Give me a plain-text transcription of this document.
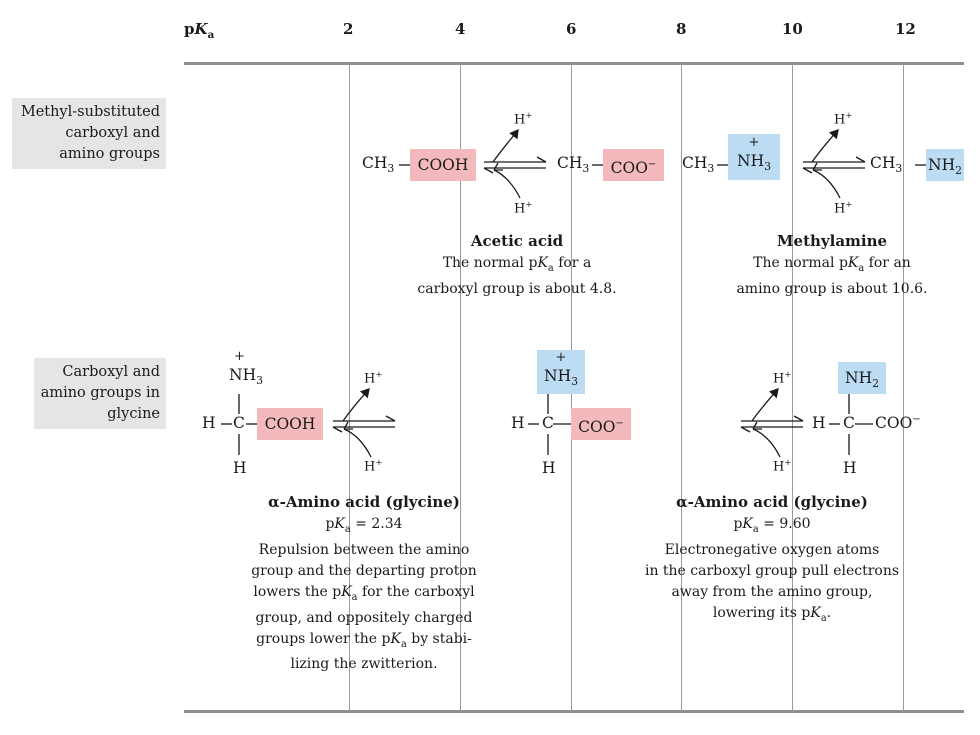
$pK_a$	2	4	6	8	10	12
Methyl-substituted carboxyl and amino groups
Carboxyl and amino groups in glycine
$CH_3$	COOH	$CH_3$	COO−
H+
H+
Acetic acid
The normal $pK_a$ for a
carboxyl group is about 4.8.
$CH_3$
+
$NH_3$	$CH_3$ $NH_2$
H+
H+
Methylamine
The normal $pK_a$ for an
amino group is about 10.6.
+
$NH_3$
H C	COOH
H
H+
H+
α-Amino acid (glycine)
$pK_a = 2.34$
Repulsion between the amino
group and the departing proton
lowers the $pK_a$ for the carboxyl
group, and oppositely charged
groups lower the $pK_a$ by stabi-
lizing the zwitterion.
+
$NH_3$
H C	COO−
H
$NH_2$
H C COO−
H
H+
H+
α-Amino acid (glycine)
$pK_a = 9.60$
Electronegative oxygen atoms
in the carboxyl group pull electrons
away from the amino group,
lowering its $pK_a$.
